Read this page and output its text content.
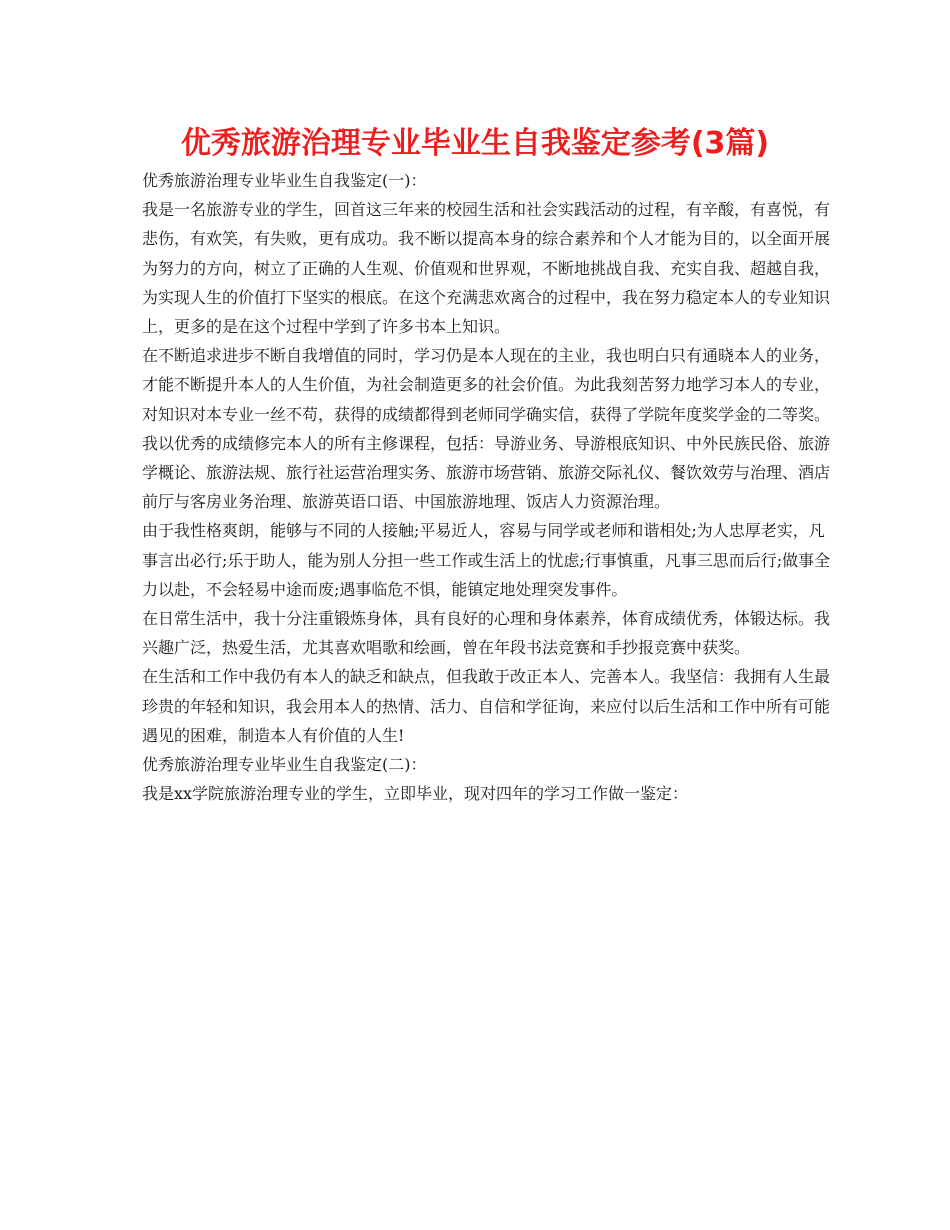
优秀旅游治理专业毕业生自我鉴定参考(3篇)

优秀旅游治理专业毕业生自我鉴定(一)：

我是一名旅游专业的学生，回首这三年来的校园生活和社会实践活动的过程，有辛酸，有喜悦，有悲伤，有欢笑，有失败，更有成功。我不断以提高本身的综合素养和个人才能为目的，以全面开展为努力的方向，树立了正确的人生观、价值观和世界观，不断地挑战自我、充实自我、超越自我，为实现人生的价值打下坚实的根底。在这个充满悲欢离合的过程中，我在努力稳定本人的专业知识上，更多的是在这个过程中学到了许多书本上知识。

在不断追求进步不断自我增值的同时，学习仍是本人现在的主业，我也明白只有通晓本人的业务，才能不断提升本人的人生价值，为社会制造更多的社会价值。为此我刻苦努力地学习本人的专业，对知识对本专业一丝不苟，获得的成绩都得到老师同学确实信，获得了学院年度奖学金的二等奖。我以优秀的成绩修完本人的所有主修课程，包括：导游业务、导游根底知识、中外民族民俗、旅游学概论、旅游法规、旅行社运营治理实务、旅游市场营销、旅游交际礼仪、餐饮效劳与治理、酒店前厅与客房业务治理、旅游英语口语、中国旅游地理、饭店人力资源治理。

由于我性格爽朗，能够与不同的人接触;平易近人，容易与同学或老师和谐相处;为人忠厚老实，凡事言出必行;乐于助人，能为别人分担一些工作或生活上的忧虑;行事慎重，凡事三思而后行;做事全力以赴，不会轻易中途而废;遇事临危不惧，能镇定地处理突发事件。

在日常生活中，我十分注重锻炼身体，具有良好的心理和身体素养，体育成绩优秀，体锻达标。我兴趣广泛，热爱生活，尤其喜欢唱歌和绘画，曾在年段书法竞赛和手抄报竞赛中获奖。

在生活和工作中我仍有本人的缺乏和缺点，但我敢于改正本人、完善本人。我坚信：我拥有人生最珍贵的年轻和知识，我会用本人的热情、活力、自信和学征询，来应付以后生活和工作中所有可能遇见的困难，制造本人有价值的人生!

优秀旅游治理专业毕业生自我鉴定(二)：

我是xx学院旅游治理专业的学生，立即毕业，现对四年的学习工作做一鉴定：
